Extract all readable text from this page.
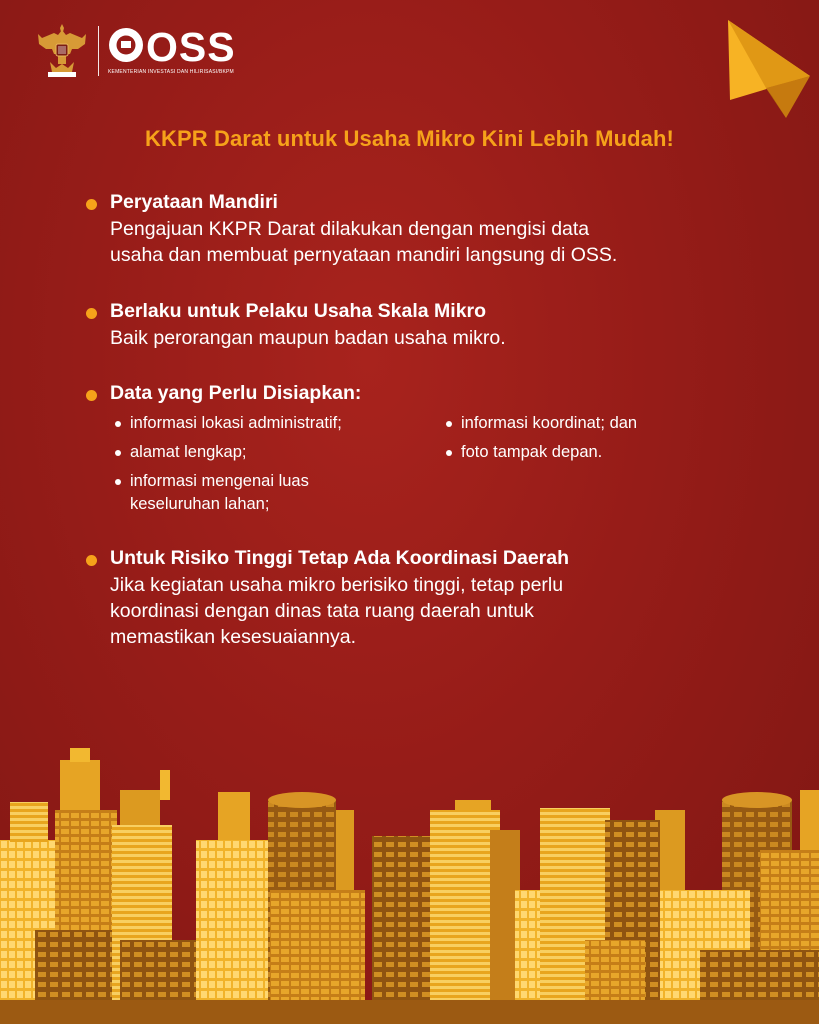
OSS
KEMENTERIAN INVESTASI DAN HILIRISASI/BKPM
KKPR Darat untuk Usaha Mikro Kini Lebih Mudah!
Peryataan Mandiri
Pengajuan KKPR Darat dilakukan dengan mengisi data
usaha dan membuat pernyataan mandiri langsung di OSS.
Berlaku untuk Pelaku Usaha Skala Mikro
Baik perorangan maupun badan usaha mikro.
Data yang Perlu Disiapkan:
informasi lokasi administratif;
alamat lengkap;
informasi mengenai luas
keseluruhan lahan;
informasi koordinat; dan
foto tampak depan.
Untuk Risiko Tinggi Tetap Ada Koordinasi Daerah
Jika kegiatan usaha mikro berisiko tinggi, tetap perlu
koordinasi dengan dinas tata ruang daerah untuk
memastikan kesesuaiannya.
